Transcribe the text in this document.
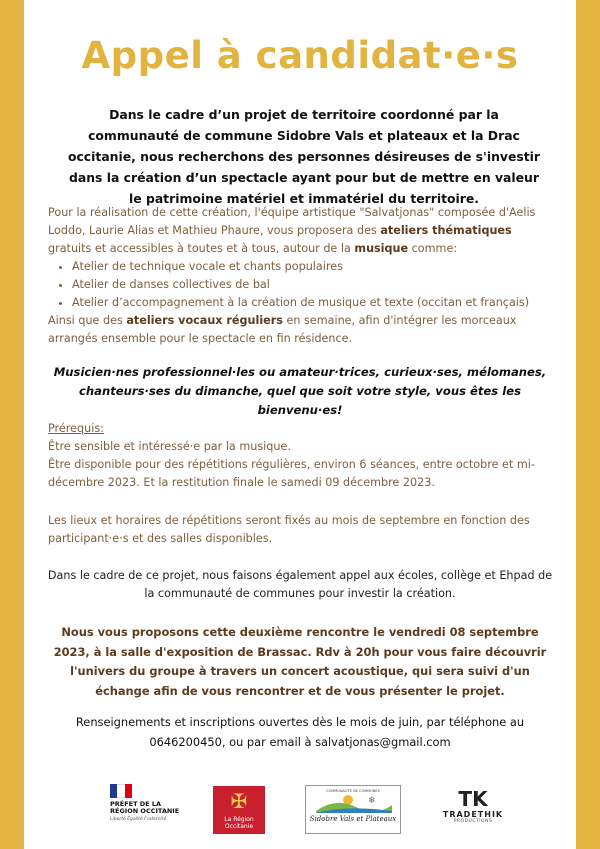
Appel à candidat·e·s
Dans le cadre d’un projet de territoire coordonné par la communauté de commune Sidobre Vals et plateaux et la Drac occitanie, nous recherchons des personnes désireuses de s'investir dans la création d’un spectacle ayant pour but de mettre en valeur le patrimoine matériel et immatériel du territoire.
Pour la réalisation de cette création, l'équipe artistique "Salvatjonas" composée d'Aelis Loddo, Laurie Alias et Mathieu Phaure, vous proposera des ateliers thématiques gratuits et accessibles à toutes et à tous, autour de la musique comme:
• Atelier de technique vocale et chants populaires
• Atelier de danses collectives de bal
• Atelier d’accompagnement à la création de musique et texte (occitan et français)
Ainsi que des ateliers vocaux réguliers en semaine, afin d'intégrer les morceaux arrangés ensemble pour le spectacle en fin résidence.
Musicien·nes professionnel·les ou amateur·trices, curieux·ses, mélomanes, chanteurs·ses du dimanche, quel que soit votre style, vous êtes les bienvenu·es!
Prérequis:
Être sensible et intéressé·e par la musique.
Être disponible pour des répétitions régulières, environ 6 séances, entre octobre et mi-décembre 2023. Et la restitution finale le samedi 09 décembre 2023.
Les lieux et horaires de répétitions seront fixés au mois de septembre en fonction des participant·e·s et des salles disponibles.
Dans le cadre de ce projet, nous faisons également appel aux écoles, collège et Ehpad de la communauté de communes pour investir la création.
Nous vous proposons cette deuxième rencontre le vendredi 08 septembre 2023, à la salle d'exposition de Brassac. Rdv à 20h pour vous faire découvrir l'univers du groupe à travers un concert acoustique, qui sera suivi d'un échange afin de vous rencontrer et de vous présenter le projet.
Renseignements et inscriptions ouvertes dès le mois de juin, par téléphone au 0646200450, ou par email à salvatjonas@gmail.com
PRÉFET DE LA RÉGION OCCITANIE
Liberté Égalité Fraternité
✠
La Région Occitanie
COMMUNAUTÉ DE COMMUNES
❄
Sidobre Vals et Plateaux
TK
TRADETHIK
PRODUCTIONS
